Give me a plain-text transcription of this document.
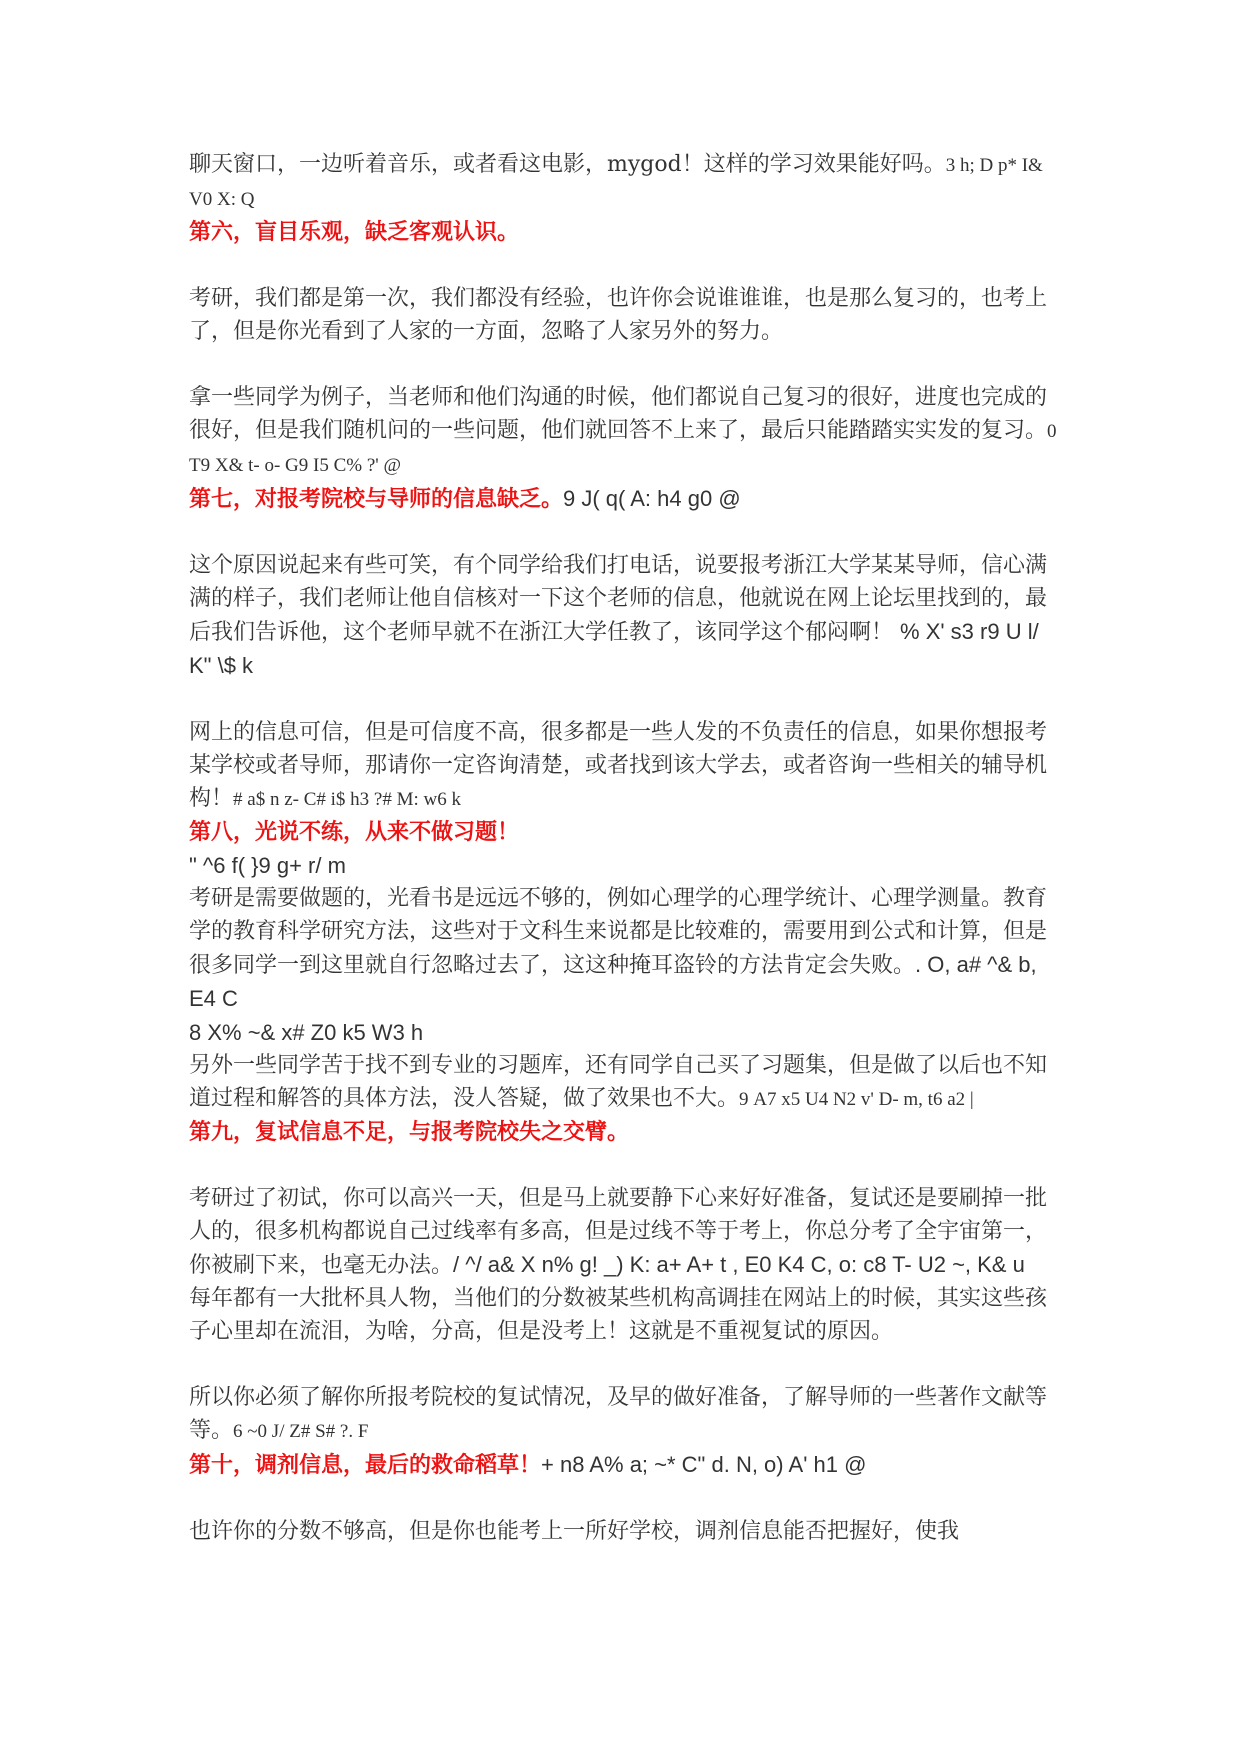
聊天窗口，一边听着音乐，或者看这电影，mygod！这样的学习效果能好吗。3 h; D p* I& V0 X: Q

第六，盲目乐观，缺乏客观认识。

考研，我们都是第一次，我们都没有经验，也许你会说谁谁谁，也是那么复习的，也考上了，但是你光看到了人家的一方面，忽略了人家另外的努力。

拿一些同学为例子，当老师和他们沟通的时候，他们都说自己复习的很好，进度也完成的很好，但是我们随机问的一些问题，他们就回答不上来了，最后只能踏踏实实发的复习。0 T9 X& t- o- G9 I5 C% ?' @

第七，对报考院校与导师的信息缺乏。9 J( q( A: h4 g0 @

这个原因说起来有些可笑，有个同学给我们打电话，说要报考浙江大学某某导师，信心满满的样子，我们老师让他自信核对一下这个老师的信息，他就说在网上论坛里找到的，最后我们告诉他，这个老师早就不在浙江大学任教了，该同学这个郁闷啊！ % X' s3 r9 U l/ K" \$ k

网上的信息可信，但是可信度不高，很多都是一些人发的不负责任的信息，如果你想报考某学校或者导师，那请你一定咨询清楚，或者找到该大学去，或者咨询一些相关的辅导机构！# a$ n z- C# i$ h3 ?# M: w6 k

第八，光说不练，从来不做习题！

" ^6 f( }9 g+ r/ m

考研是需要做题的，光看书是远远不够的，例如心理学的心理学统计、心理学测量。教育学的教育科学研究方法，这些对于文科生来说都是比较难的，需要用到公式和计算，但是很多同学一到这里就自行忽略过去了，这这种掩耳盗铃的方法肯定会失败。. O, a# ^& b, E4 C

8 X% ~& x# Z0 k5 W3 h

另外一些同学苦于找不到专业的习题库，还有同学自己买了习题集，但是做了以后也不知道过程和解答的具体方法，没人答疑，做了效果也不大。9 A7 x5 U4 N2 v' D- m, t6 a2 |

第九，复试信息不足，与报考院校失之交臂。

考研过了初试，你可以高兴一天，但是马上就要静下心来好好准备，复试还是要刷掉一批人的，很多机构都说自己过线率有多高，但是过线不等于考上，你总分考了全宇宙第一，你被刷下来，也毫无办法。/ ^/ a& X n% g! _) K: a+ A+ t , E0 K4 C, o: c8 T- U2 ~, K& u

每年都有一大批杯具人物，当他们的分数被某些机构高调挂在网站上的时候，其实这些孩子心里却在流泪，为啥，分高，但是没考上！这就是不重视复试的原因。

所以你必须了解你所报考院校的复试情况，及早的做好准备，了解导师的一些著作文献等等。6 ~0 J/ Z# S# ?. F

第十，调剂信息，最后的救命稻草！+ n8 A% a; ~* C" d. N, o) A' h1 @

也许你的分数不够高，但是你也能考上一所好学校，调剂信息能否把握好，使我
